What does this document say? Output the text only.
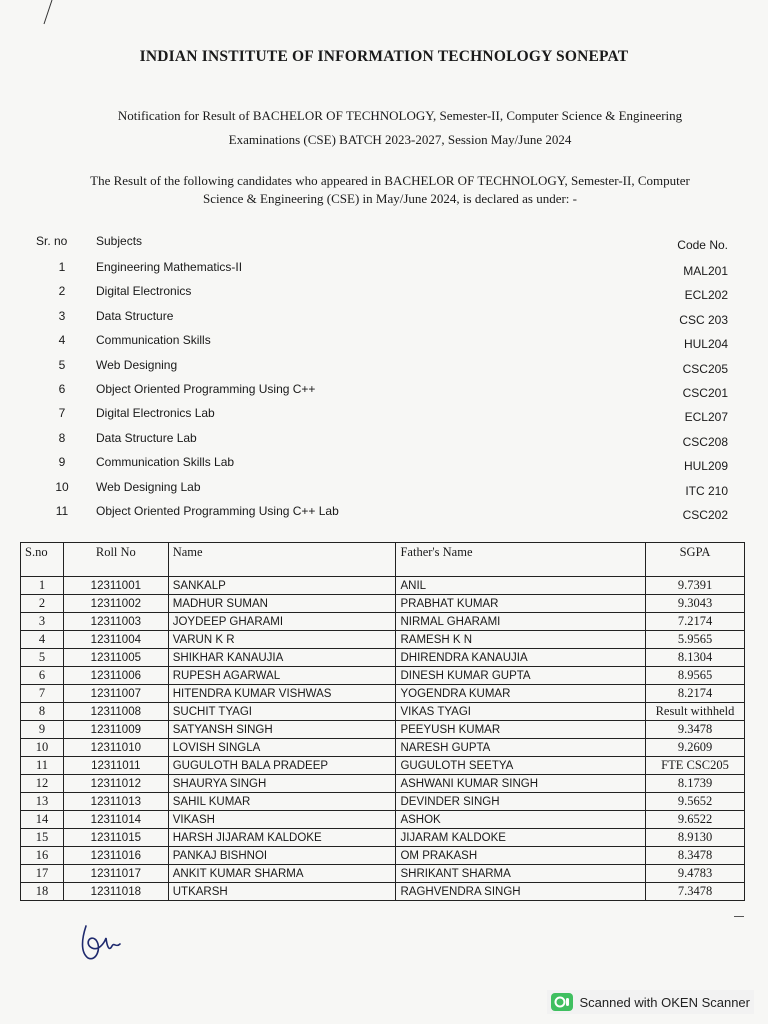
INDIAN INSTITUTE OF INFORMATION TECHNOLOGY SONEPAT
Notification for Result of BACHELOR OF TECHNOLOGY, Semester-II, Computer Science & Engineering
Examinations (CSE) BATCH 2023-2027, Session May/June 2024
The Result of the following candidates who appeared in BACHELOR OF TECHNOLOGY, Semester-II, Computer
Science & Engineering (CSE) in May/June 2024, is declared as under: -
Sr. no	Subjects	Code No.
1	Engineering Mathematics-II	MAL201
2	Digital Electronics	ECL202
3	Data Structure	CSC 203
4	Communication Skills	HUL204
5	Web Designing	CSC205
6	Object Oriented Programming Using C++	CSC201
7	Digital Electronics Lab	ECL207
8	Data Structure Lab	CSC208
9	Communication Skills Lab	HUL209
10	Web Designing Lab	ITC 210
11	Object Oriented Programming Using C++ Lab	CSC202
S.no	Roll No	Name	Father's Name	SGPA
1	12311001	SANKALP	ANIL	9.7391
2	12311002	MADHUR SUMAN	PRABHAT KUMAR	9.3043
3	12311003	JOYDEEP GHARAMI	NIRMAL GHARAMI	7.2174
4	12311004	VARUN K R	RAMESH K N	5.9565
5	12311005	SHIKHAR KANAUJIA	DHIRENDRA KANAUJIA	8.1304
6	12311006	RUPESH AGARWAL	DINESH KUMAR GUPTA	8.9565
7	12311007	HITENDRA KUMAR VISHWAS	YOGENDRA KUMAR	8.2174
8	12311008	SUCHIT TYAGI	VIKAS TYAGI	Result withheld
9	12311009	SATYANSH SINGH	PEEYUSH KUMAR	9.3478
10	12311010	LOVISH SINGLA	NARESH GUPTA	9.2609
11	12311011	GUGULOTH BALA PRADEEP	GUGULOTH SEETYA	FTE CSC205
12	12311012	SHAURYA SINGH	ASHWANI KUMAR SINGH	8.1739
13	12311013	SAHIL KUMAR	DEVINDER SINGH	9.5652
14	12311014	VIKASH	ASHOK	9.6522
15	12311015	HARSH JIJARAM KALDOKE	JIJARAM KALDOKE	8.9130
16	12311016	PANKAJ BISHNOI	OM PRAKASH	8.3478
17	12311017	ANKIT KUMAR SHARMA	SHRIKANT SHARMA	9.4783
18	12311018	UTKARSH	RAGHVENDRA SINGH	7.3478
Scanned with OKEN Scanner
